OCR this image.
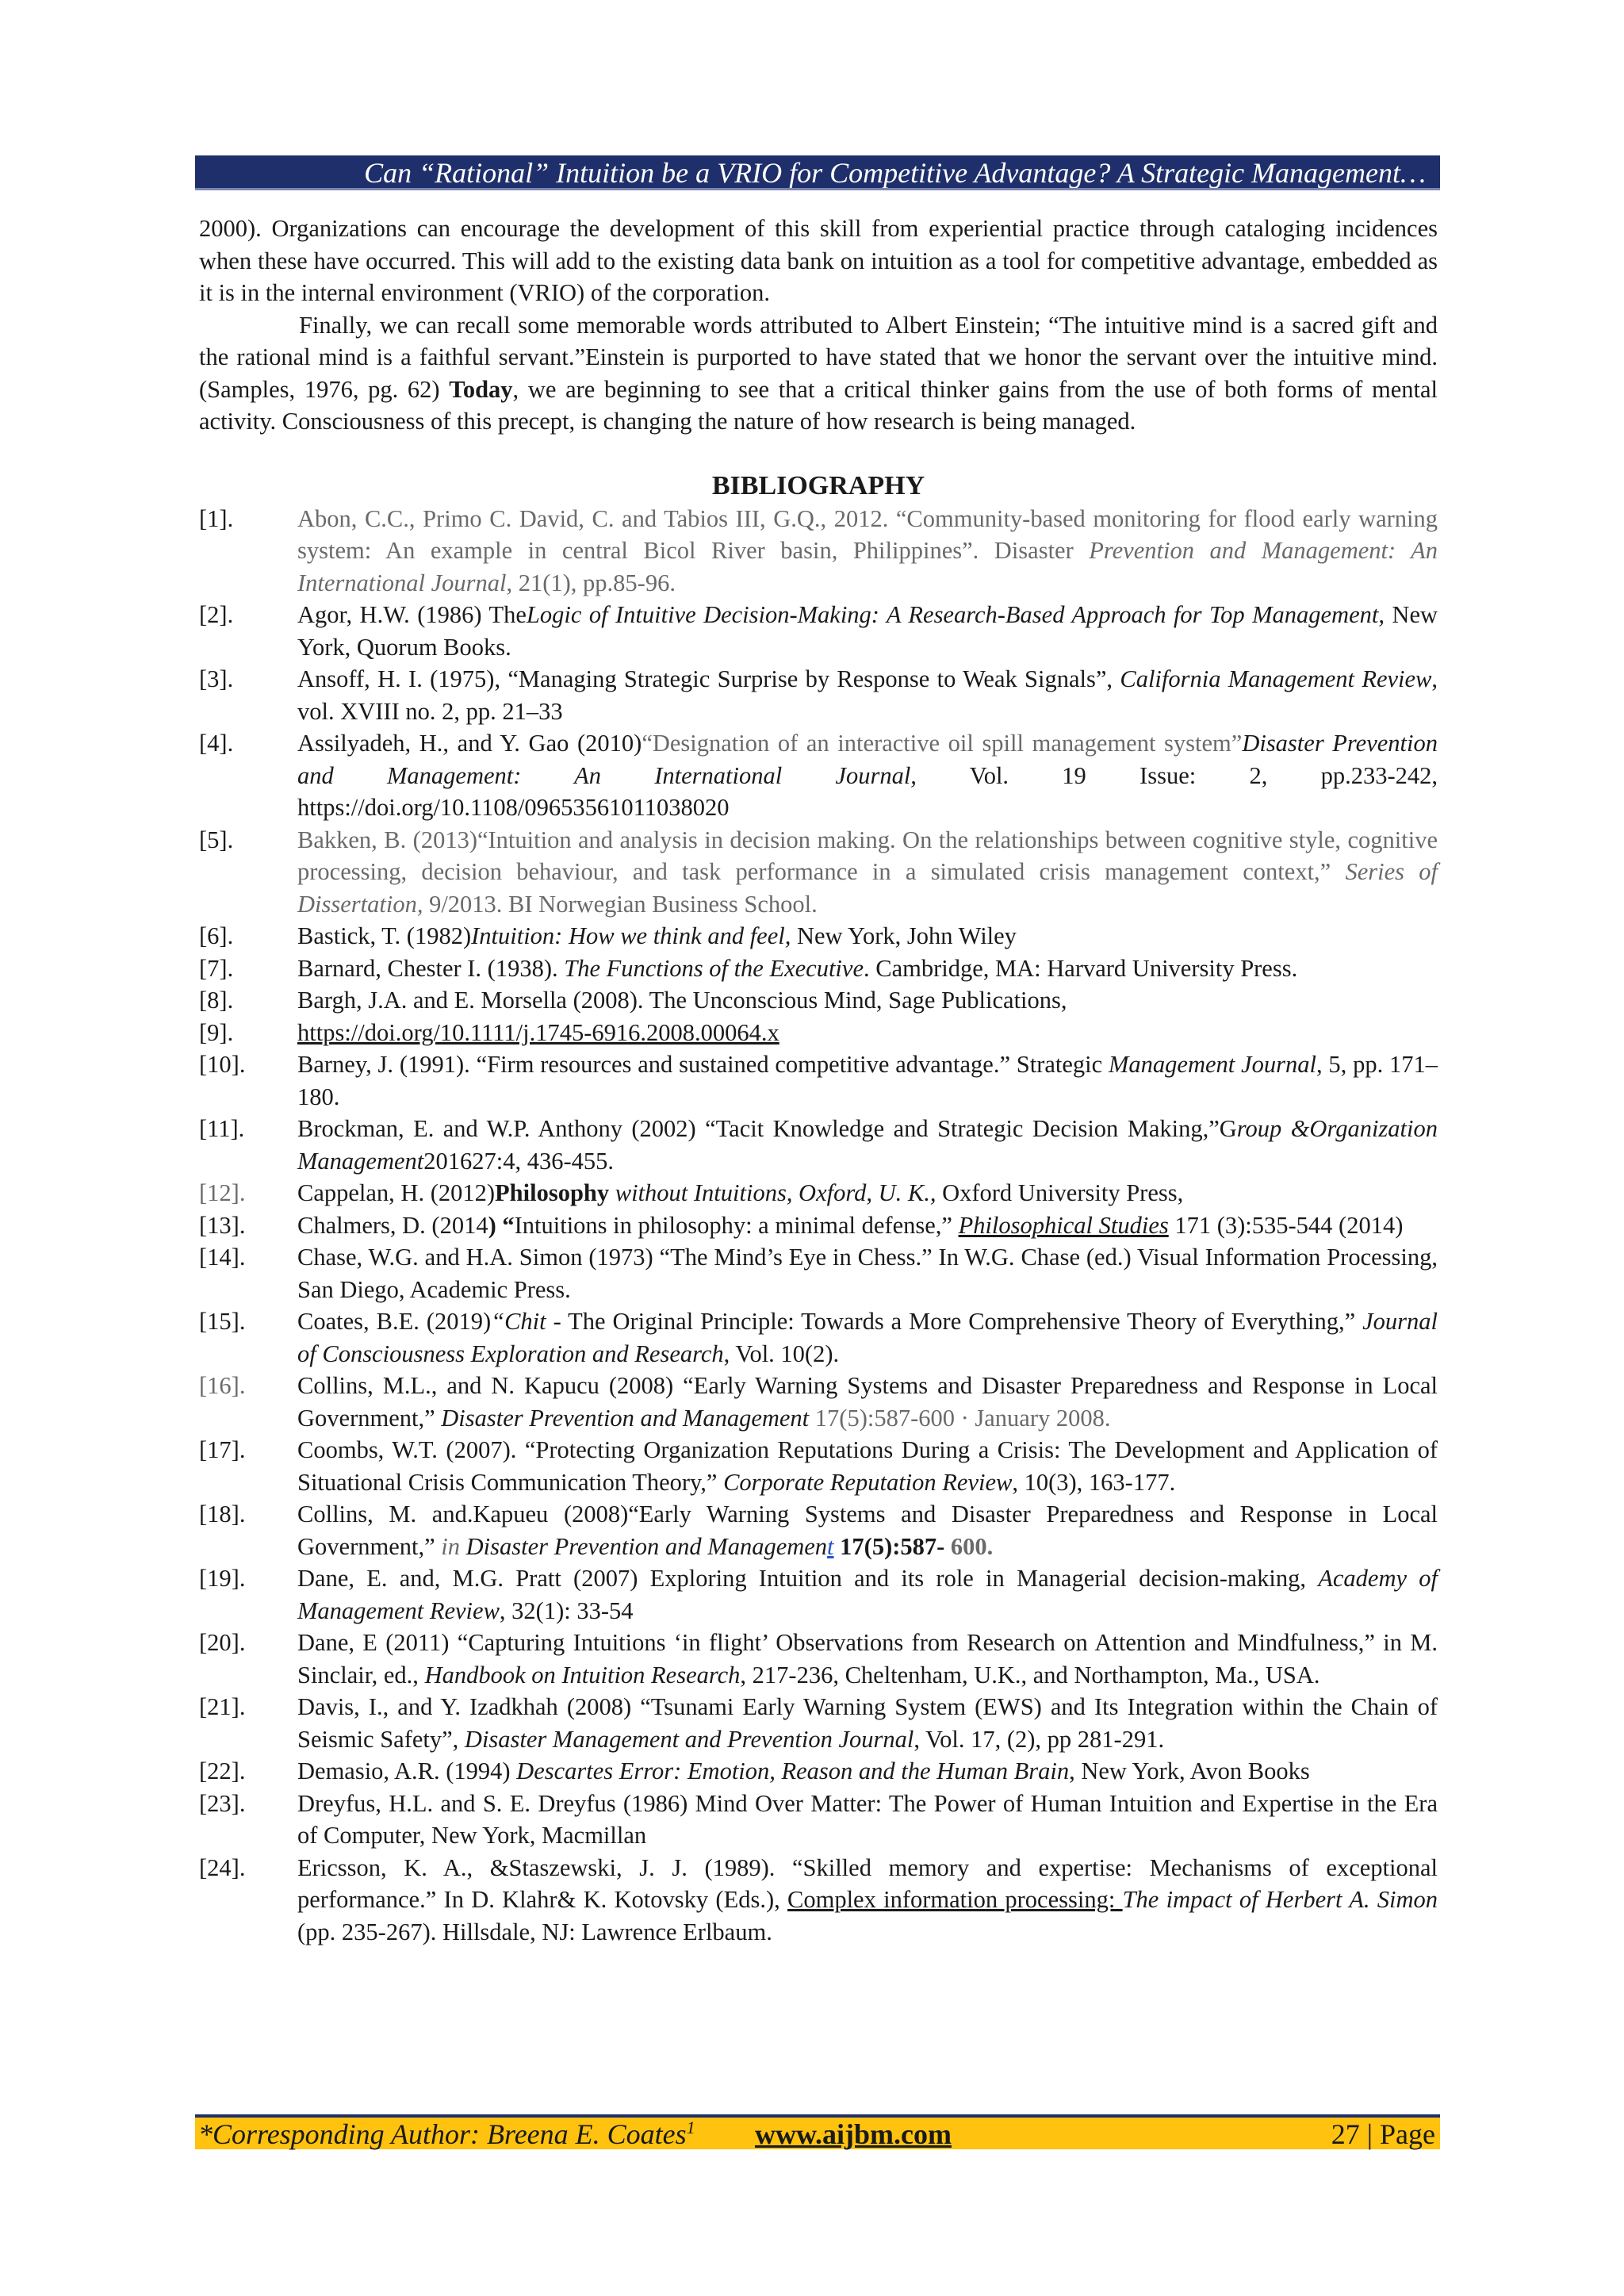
Can “Rational” Intuition be a VRIO for Competitive Advantage? A Strategic Management…

2000). Organizations can encourage the development of this skill from experiential practice through cataloging incidences when these have occurred. This will add to the existing data bank on intuition as a tool for competitive advantage, embedded as it is in the internal environment (VRIO) of the corporation.

Finally, we can recall some memorable words attributed to Albert Einstein; “The intuitive mind is a sacred gift and the rational mind is a faithful servant.”Einstein is purported to have stated that we honor the servant over the intuitive mind. (Samples, 1976, pg. 62) Today, we are beginning to see that a critical thinker gains from the use of both forms of mental activity. Consciousness of this precept, is changing the nature of how research is being managed.

BIBLIOGRAPHY
[1].	Abon, C.C., Primo C. David, C. and Tabios III, G.Q., 2012. “Community-based monitoring for flood early warning system: An example in central Bicol River basin, Philippines”. Disaster Prevention and Management: An International Journal, 21(1), pp.85-96.
[2].	Agor, H.W. (1986) TheLogic of Intuitive Decision-Making: A Research-Based Approach for Top Management, New York, Quorum Books.
[3].	Ansoff, H. I. (1975), “Managing Strategic Surprise by Response to Weak Signals”, California Management Review, vol. XVIII no. 2, pp. 21–33
[4].	Assilyadeh, H., and Y. Gao (2010)“Designation of an interactive oil spill management system”Disaster Prevention and Management: An International Journal, Vol. 19 Issue: 2, pp.233-242, https://doi.org/10.1108/09653561011038020
[5].	Bakken, B. (2013)“Intuition and analysis in decision making. On the relationships between cognitive style, cognitive processing, decision behaviour, and task performance in a simulated crisis management context,” Series of Dissertation, 9/2013. BI Norwegian Business School.
[6].	Bastick, T. (1982)Intuition: How we think and feel, New York, John Wiley
[7].	Barnard, Chester I. (1938). The Functions of the Executive. Cambridge, MA: Harvard University Press.
[8].	Bargh, J.A. and E. Morsella (2008). The Unconscious Mind, Sage Publications,
[9].	https://doi.org/10.1111/j.1745-6916.2008.00064.x
[10].	Barney, J. (1991). “Firm resources and sustained competitive advantage.” Strategic Management Journal, 5, pp. 171–180.
[11].	Brockman, E. and W.P. Anthony (2002) “Tacit Knowledge and Strategic Decision Making,”Group &Organization Management201627:4, 436-455.
[12].	Cappelan, H. (2012)Philosophy without Intuitions, Oxford, U. K., Oxford University Press,
[13].	Chalmers, D. (2014) “Intuitions in philosophy: a minimal defense,” Philosophical Studies 171 (3):535-544 (2014)
[14].	Chase, W.G. and H.A. Simon (1973) “The Mind’s Eye in Chess.” In W.G. Chase (ed.) Visual Information Processing, San Diego, Academic Press.
[15].	Coates, B.E. (2019)“Chit - The Original Principle: Towards a More Comprehensive Theory of Everything,” Journal of Consciousness Exploration and Research, Vol. 10(2).
[16].	Collins, M.L., and N. Kapucu (2008) “Early Warning Systems and Disaster Preparedness and Response in Local Government,” Disaster Prevention and Management 17(5):587-600 · January 2008.
[17].	Coombs, W.T. (2007). “Protecting Organization Reputations During a Crisis: The Development and Application of Situational Crisis Communication Theory,” Corporate Reputation Review, 10(3), 163-177.
[18].	Collins, M. and.Kapueu (2008)“Early Warning Systems and Disaster Preparedness and Response in Local Government,” in Disaster Prevention and Management 17(5):587- 600.
[19].	Dane, E. and, M.G. Pratt (2007) Exploring Intuition and its role in Managerial decision-making, Academy of Management Review, 32(1): 33-54
[20].	Dane, E (2011) “Capturing Intuitions ‘in flight’ Observations from Research on Attention and Mindfulness,” in M. Sinclair, ed., Handbook on Intuition Research, 217-236, Cheltenham, U.K., and Northampton, Ma., USA.
[21].	Davis, I., and Y. Izadkhah (2008) “Tsunami Early Warning System (EWS) and Its Integration within the Chain of Seismic Safety”, Disaster Management and Prevention Journal, Vol. 17, (2), pp 281-291.
[22].	Demasio, A.R. (1994) Descartes Error: Emotion, Reason and the Human Brain, New York, Avon Books
[23].	Dreyfus, H.L. and S. E. Dreyfus (1986) Mind Over Matter: The Power of Human Intuition and Expertise in the Era of Computer, New York, Macmillan
[24].	Ericsson, K. A., &Staszewski, J. J. (1989). “Skilled memory and expertise: Mechanisms of exceptional performance.” In D. Klahr& K. Kotovsky (Eds.), Complex information processing: The impact of Herbert A. Simon (pp. 235-267). Hillsdale, NJ: Lawrence Erlbaum.
*Corresponding Author: Breena E. Coates$^1$ www.aijbm.com	27 | Page
